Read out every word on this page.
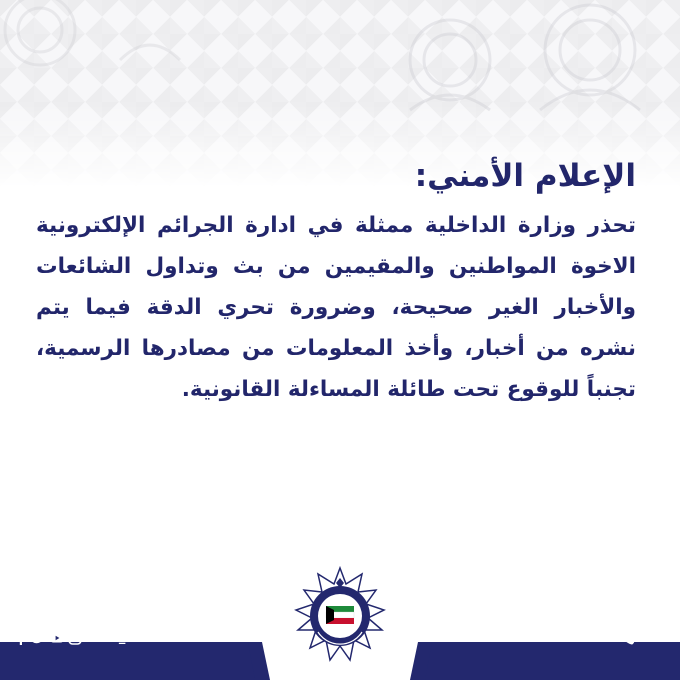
الإعلام الأمني:

تحذر وزارة الداخلية ممثلة في ادارة الجرائم الإلكترونية
الاخوة المواطنين والمقيمين من بث وتداول الشائعات
والأخبار الغير صحيحة، وضرورة تحري الدقة فيما يتم
نشره من أخبار، وأخذ المعلومات من مصادرها الرسمية،
تجنباً للوقوع تحت طائلة المساءلة القانونية.

MOI_KUW	112
